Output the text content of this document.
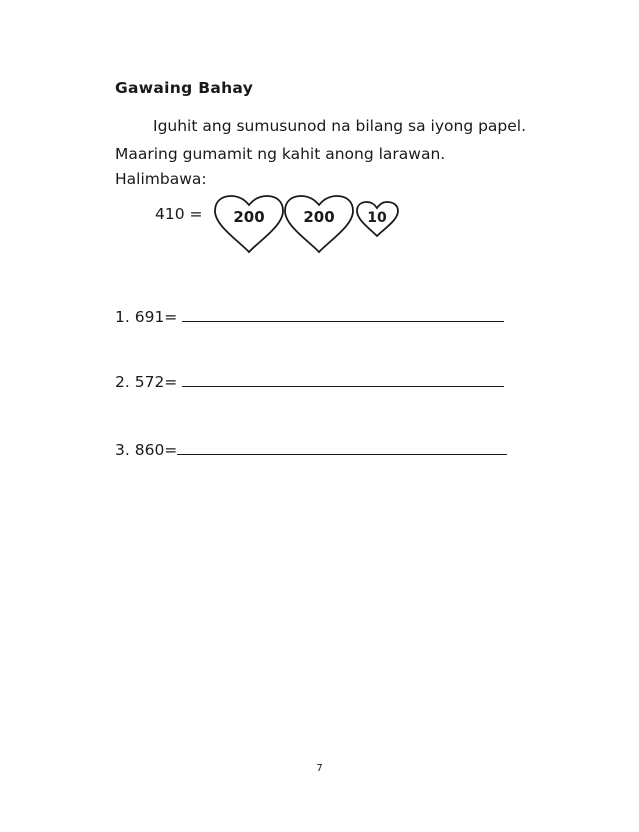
Gawaing Bahay
Iguhit ang sumusunod na bilang sa iyong papel.
Maaring gumamit ng kahit anong larawan.
Halimbawa:
410 = 200	200 10
1. 691=
2. 572=
3. 860=
7
